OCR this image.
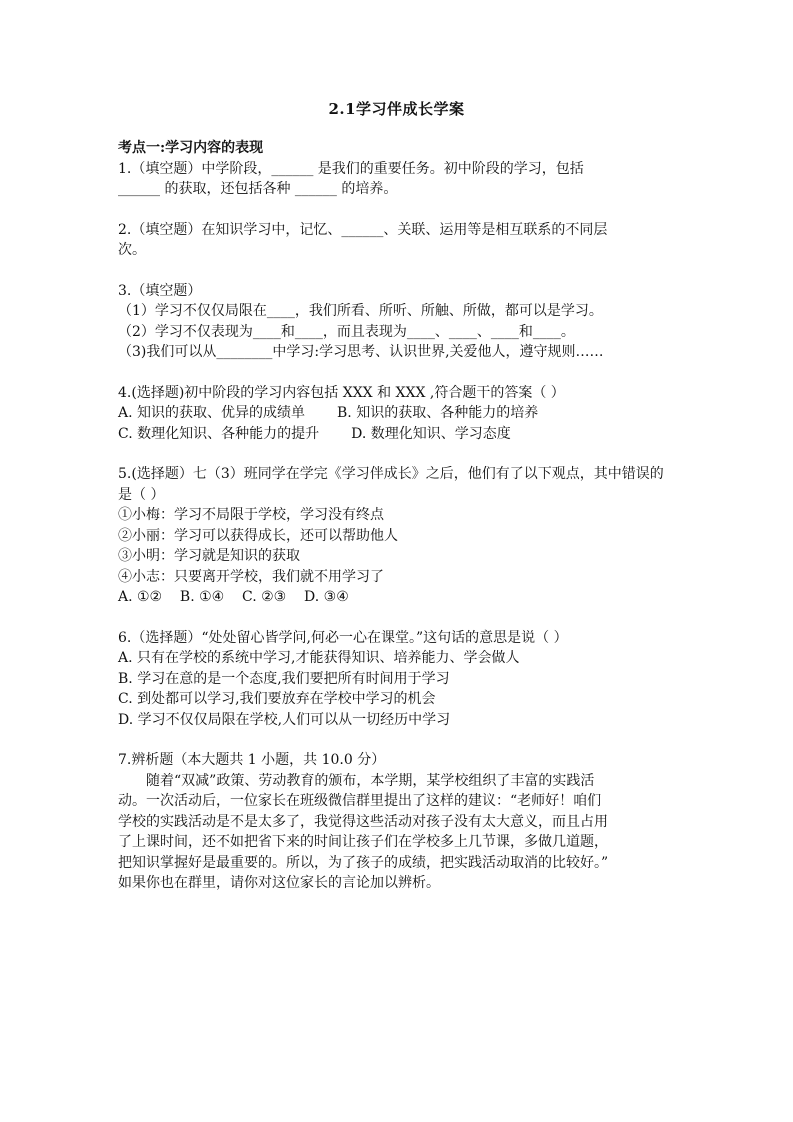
2.1学习伴成长学案
考点一:学习内容的表现
1.（填空题）中学阶段，______ 是我们的重要任务。初中阶段的学习，包括
______ 的获取，还包括各种 ______ 的培养。
2.（填空题）在知识学习中，记忆、______、关联、运用等是相互联系的不同层
次。
3.（填空题）
（1）学习不仅仅局限在____，我们所看、所听、所触、所做，都可以是学习。
（2）学习不仅表现为____和____，而且表现为____、____、____和____。
（3)我们可以从________中学习:学习思考、认识世界,关爱他人，遵守规则……
4.(选择题)初中阶段的学习内容包括 XXX 和 XXX ,符合题干的答案（ ）
A. 知识的获取、优异的成绩单 B. 知识的获取、各种能力的培养
C. 数理化知识、各种能力的提升 D. 数理化知识、学习态度
5.(选择题）七（3）班同学在学完《学习伴成长》之后，他们有了以下观点，其中错误的
是（ ）
①小梅：学习不局限于学校，学习没有终点
②小丽：学习可以获得成长，还可以帮助他人
③小明：学习就是知识的获取
④小志：只要离开学校，我们就不用学习了
A. ①②    B. ①④    C. ②③    D. ③④
6.（选择题）“处处留心皆学问,何必一心在课堂。”这句话的意思是说（ ）
A. 只有在学校的系统中学习,才能获得知识、培养能力、学会做人
B. 学习在意的是一个态度,我们要把所有时间用于学习
C. 到处都可以学习,我们要放弃在学校中学习的机会
D. 学习不仅仅局限在学校,人们可以从一切经历中学习
7.辨析题（本大题共 1 小题，共 10.0 分）
随着“双减”政策、劳动教育的颁布，本学期，某学校组织了丰富的实践活
动。一次活动后，一位家长在班级微信群里提出了这样的建议：“老师好！咱们
学校的实践活动是不是太多了，我觉得这些活动对孩子没有太大意义，而且占用
了上课时间，还不如把省下来的时间让孩子们在学校多上几节课，多做几道题，
把知识掌握好是最重要的。所以，为了孩子的成绩，把实践活动取消的比较好。”
如果你也在群里，请你对这位家长的言论加以辨析。
